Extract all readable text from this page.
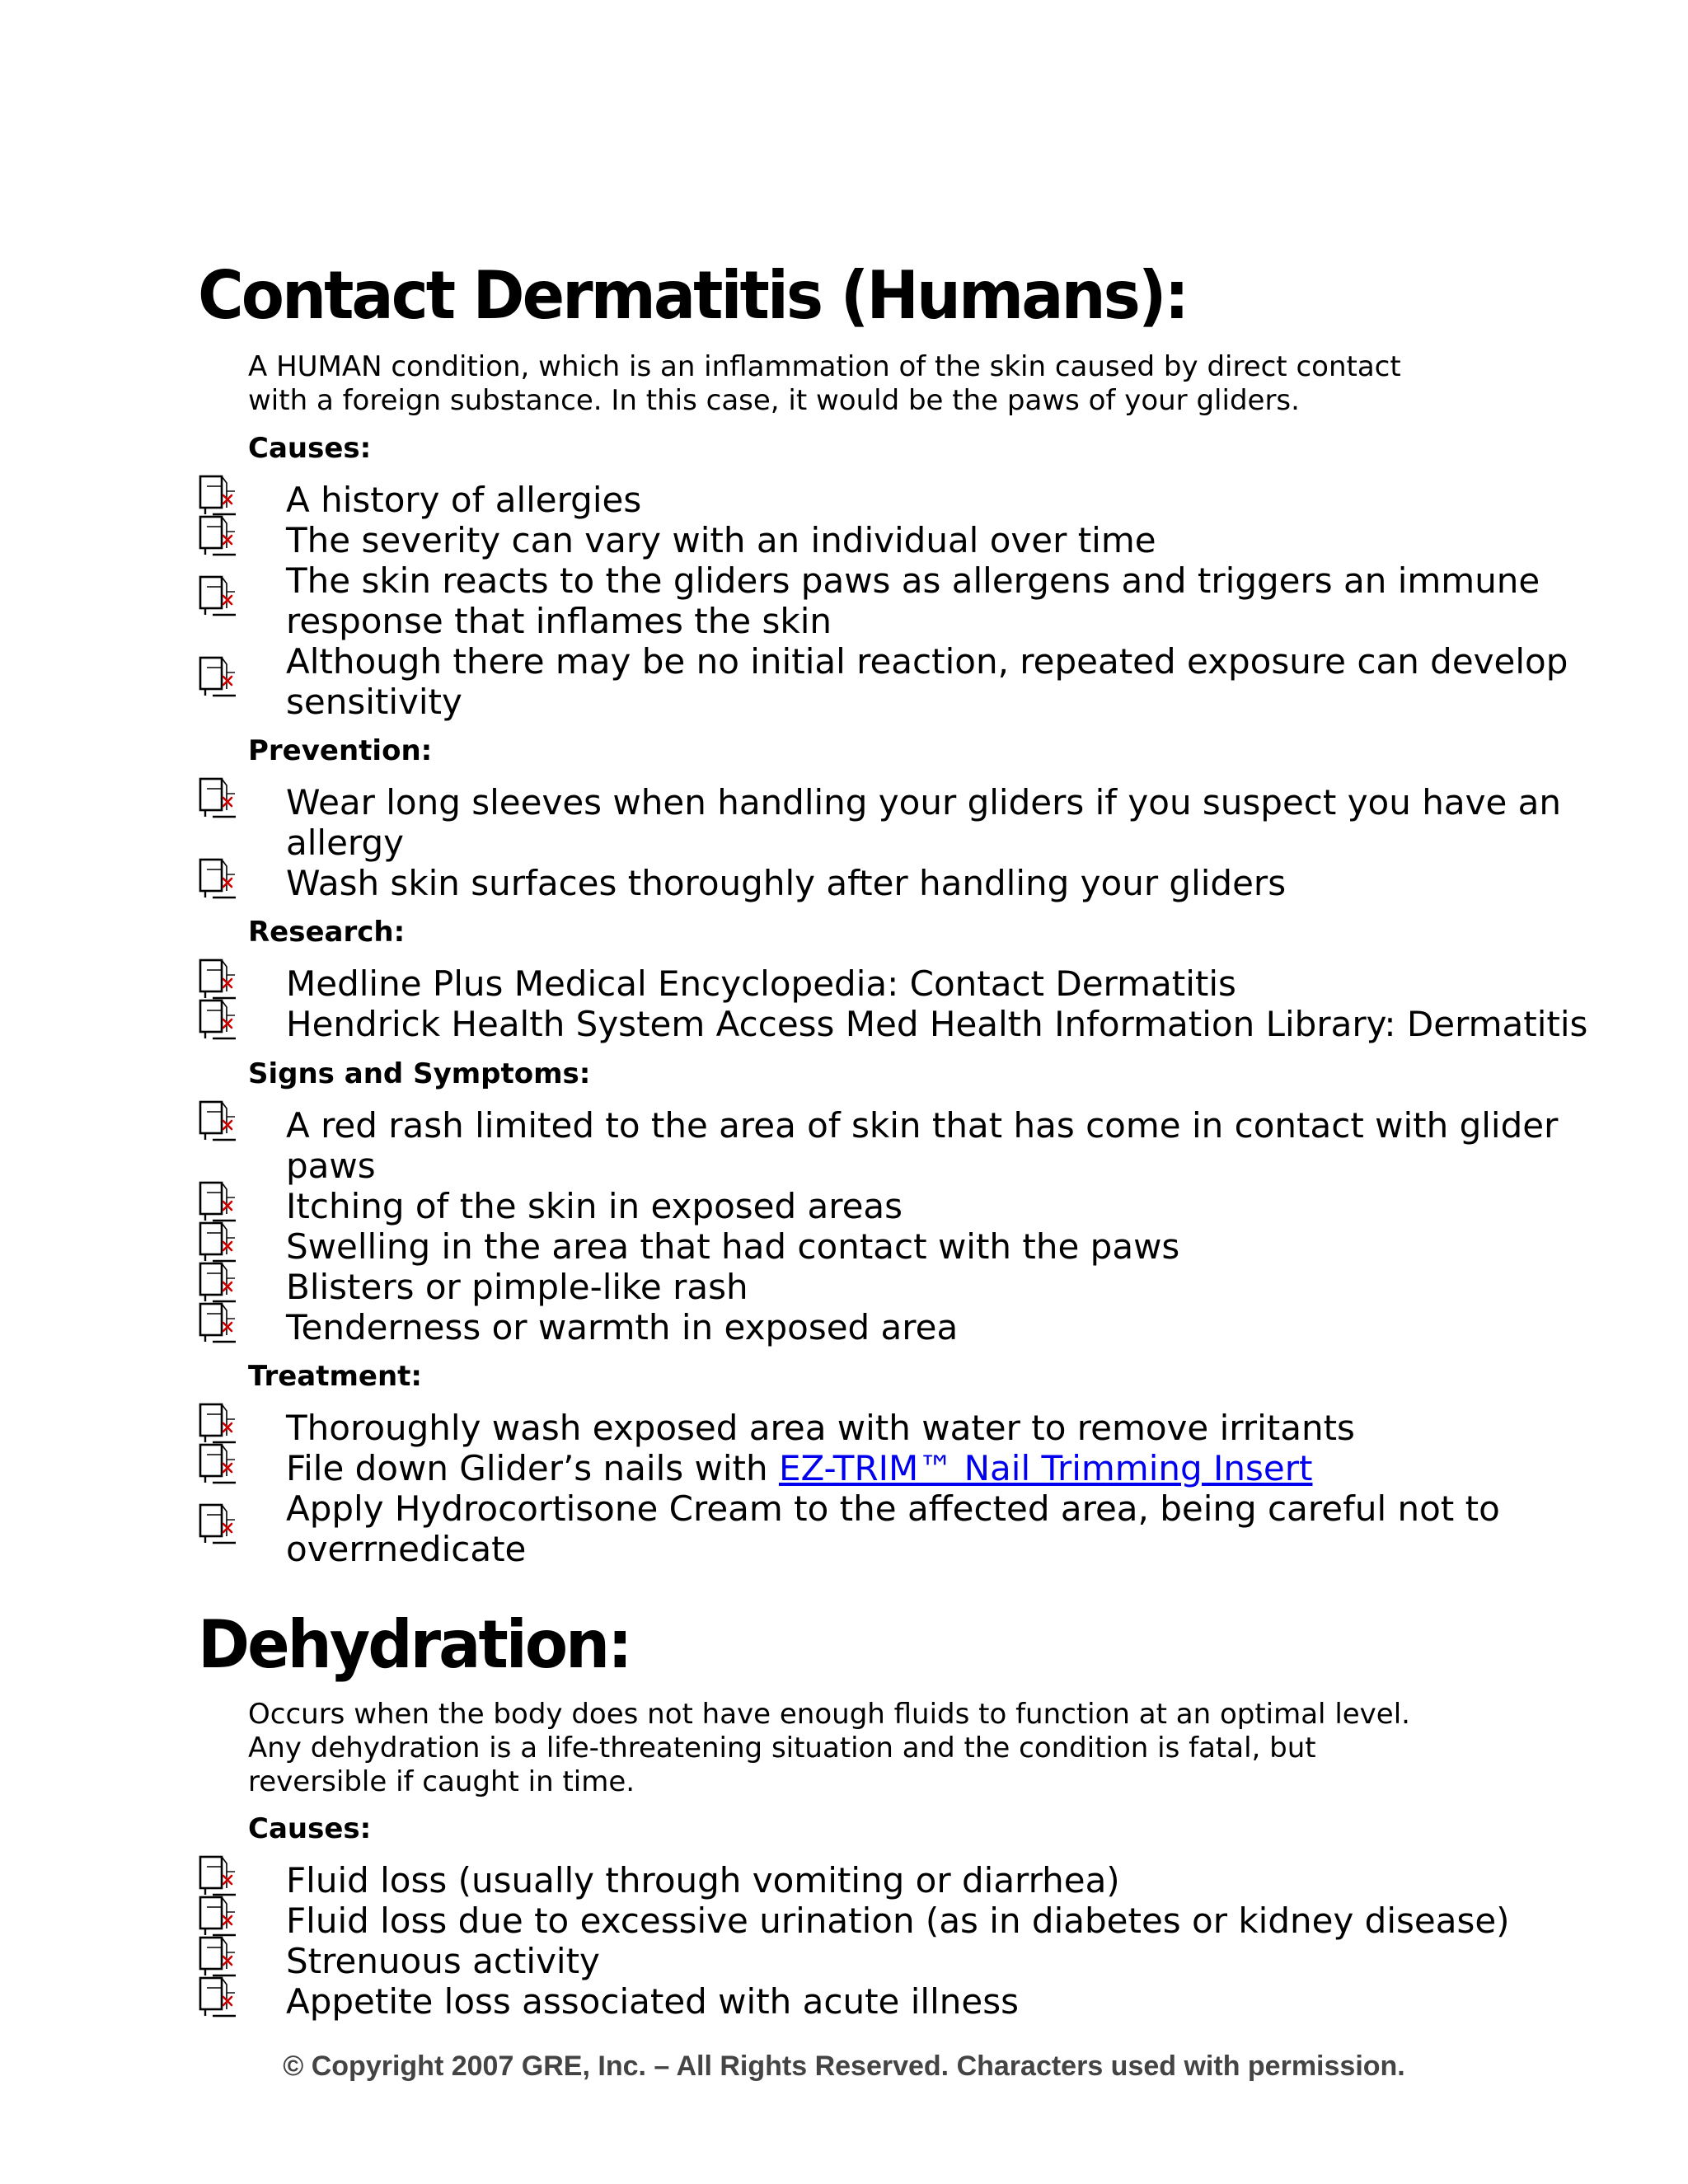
Contact Dermatitis (Humans):

A HUMAN condition, which is an inflammation of the skin caused by direct contact

with a foreign substance. In this case, it would be the paws of your gliders.

Causes:

A history of allergies
The severity can vary with an individual over time
The skin reacts to the gliders paws as allergens and triggers an immune
response that inflames the skin
Although there may be no initial reaction, repeated exposure can develop
sensitivity

Prevention:

Wear long sleeves when handling your gliders if you suspect you have an
allergy
Wash skin surfaces thoroughly after handling your gliders

Research:

Medline Plus Medical Encyclopedia: Contact Dermatitis
Hendrick Health System Access Med Health Information Library: Dermatitis

Signs and Symptoms:

A red rash limited to the area of skin that has come in contact with glider
paws
Itching of the skin in exposed areas
Swelling in the area that had contact with the paws
Blisters or pimple-like rash
Tenderness or warmth in exposed area

Treatment:

Thoroughly wash exposed area with water to remove irritants
File down Glider’s nails with EZ-TRIM™ Nail Trimming Insert
Apply Hydrocortisone Cream to the affected area, being careful not to
overrnedicate
Dehydration:

Occurs when the body does not have enough fluids to function at an optimal level.

Any dehydration is a life-threatening situation and the condition is fatal, but

reversible if caught in time.

Causes:

Fluid loss (usually through vomiting or diarrhea)
Fluid loss due to excessive urination (as in diabetes or kidney disease)
Strenuous activity
Appetite loss associated with acute illness

© Copyright 2007 GRE, Inc. – All Rights Reserved. Characters used with permission.
